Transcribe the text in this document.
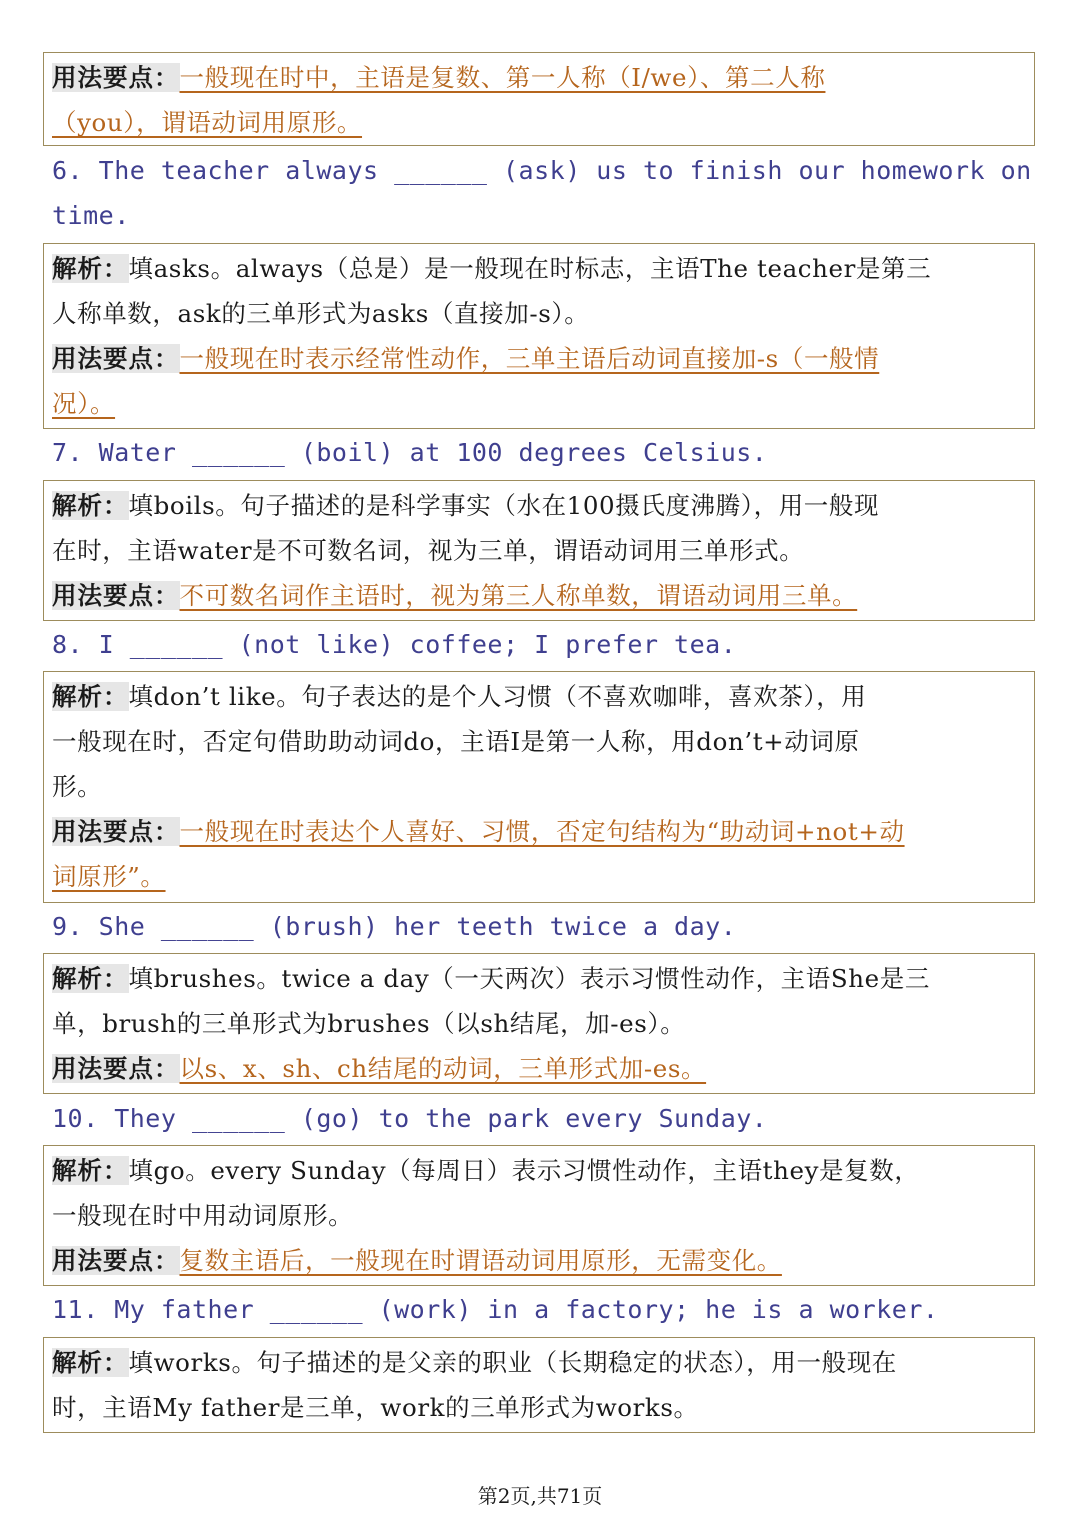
用法要点：一般现在时中，主语是复数、第一人称（I/we）、第二人称
（you），谓语动词用原形。
6. The teacher always ______ (ask) us to finish our homework on
time.
解析：填asks。always（总是）是一般现在时标志，主语The teacher是第三
人称单数，ask的三单形式为asks（直接加-s）。
用法要点：一般现在时表示经常性动作，三单主语后动词直接加-s（一般情
况）。
7. Water ______ (boil) at 100 degrees Celsius.
解析：填boils。句子描述的是科学事实（水在100摄氏度沸腾），用一般现
在时，主语water是不可数名词，视为三单，谓语动词用三单形式。
用法要点：不可数名词作主语时，视为第三人称单数，谓语动词用三单。
8. I ______ (not like) coffee; I prefer tea.
解析：填don’t like。句子表达的是个人习惯（不喜欢咖啡，喜欢茶），用
一般现在时，否定句借助助动词do，主语I是第一人称，用don’t+动词原
形。
用法要点：一般现在时表达个人喜好、习惯，否定句结构为“助动词+not+动
词原形”。
9. She ______ (brush) her teeth twice a day.
解析：填brushes。twice a day（一天两次）表示习惯性动作，主语She是三
单，brush的三单形式为brushes（以sh结尾，加-es）。
用法要点：以s、x、sh、ch结尾的动词，三单形式加-es。
10. They ______ (go) to the park every Sunday.
解析：填go。every Sunday（每周日）表示习惯性动作，主语they是复数，
一般现在时中用动词原形。
用法要点：复数主语后，一般现在时谓语动词用原形，无需变化。
11. My father ______ (work) in a factory; he is a worker.
解析：填works。句子描述的是父亲的职业（长期稳定的状态），用一般现在
时，主语My father是三单，work的三单形式为works。
第2页,共71页
